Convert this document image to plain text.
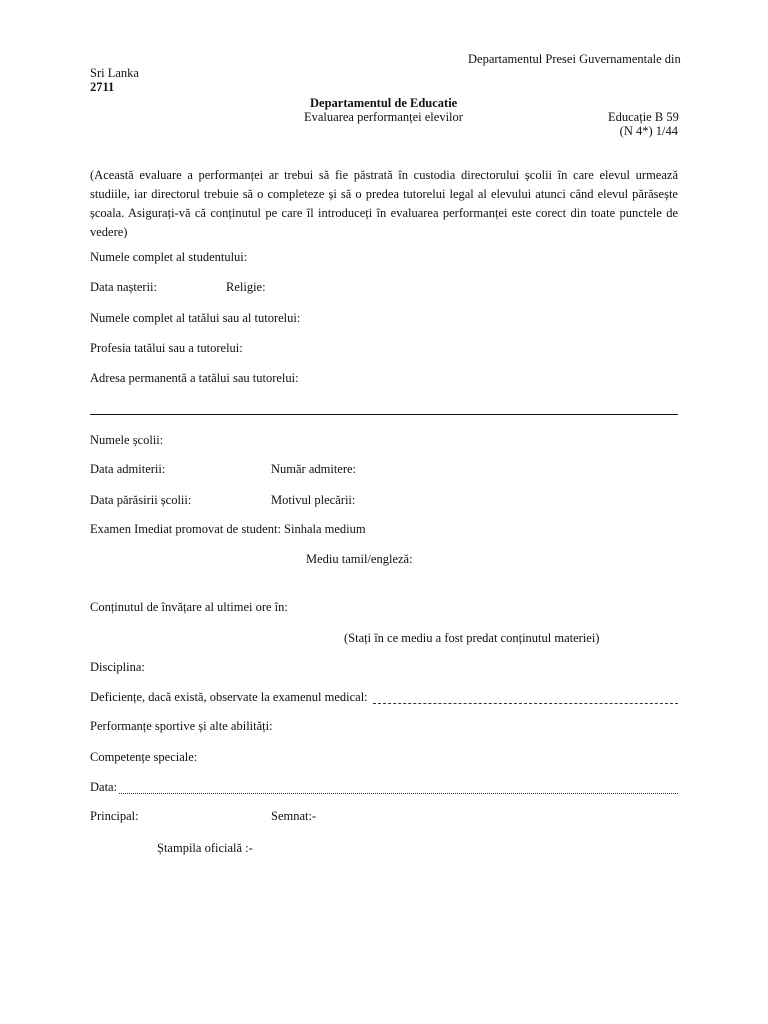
Departamentul Presei Guvernamentale din
Sri Lanka
2711
Departamentul de Educatie
Evaluarea performanței elevilor	Educație B 59
(N 4*) 1/44
(Această evaluare a performanței ar trebui să fie păstrată în custodia directorului școlii în care elevul urmează studiile, iar directorul trebuie să o completeze și să o predea tutorelui legal al elevului atunci când elevul părăsește școala. Asigurați-vă că conținutul pe care îl introduceți în evaluarea performanței este corect din toate punctele de vedere)
Numele complet al studentului:
Data nașterii:	Religie:
Numele complet al tatălui sau al tutorelui:
Profesia tatălui sau a tutorelui:
Adresa permanentă a tatălui sau tutorelui:
Numele școlii:
Data admiterii:	Număr admitere:
Data părăsirii școlii:	Motivul plecării:
Examen Imediat promovat de student: Sinhala medium
Mediu tamil/engleză:
Conținutul de învățare al ultimei ore în:
(Stați în ce mediu a fost predat conținutul materiei)
Disciplina:
Deficiențe, dacă există, observate la examenul medical:
Performanțe sportive și alte abilități:
Competențe speciale:
Data:
Principal:	Semnat:-
Ștampila oficială :-
